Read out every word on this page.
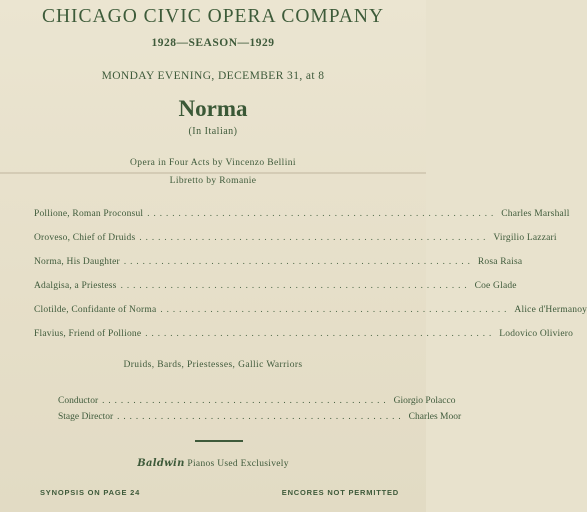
CHICAGO CIVIC OPERA COMPANY
1928—SEASON—1929
MONDAY EVENING, DECEMBER 31, at 8
Norma
(In Italian)
Opera in Four Acts by Vincenzo Bellini
Libretto by Romanie
Pollione, Roman Proconsul ........................................................ Charles Marshall
Oroveso, Chief of Druids ........................................................ Virgilio Lazzari
Norma, His Daughter ........................................................ Rosa Raisa
Adalgisa, a Priestess ........................................................ Coe Glade
Clotilde, Confidante of Norma ........................................................ Alice d'Hermanoy
Flavius, Friend of Pollione ........................................................ Lodovico Oliviero
Druids, Bards, Priestesses, Gallic Warriors
Conductor .............................................. Giorgio Polacco
Stage Director .............................................. Charles Moor
Baldwin Pianos Used Exclusively
SYNOPSIS ON PAGE 24	ENCORES NOT PERMITTED
